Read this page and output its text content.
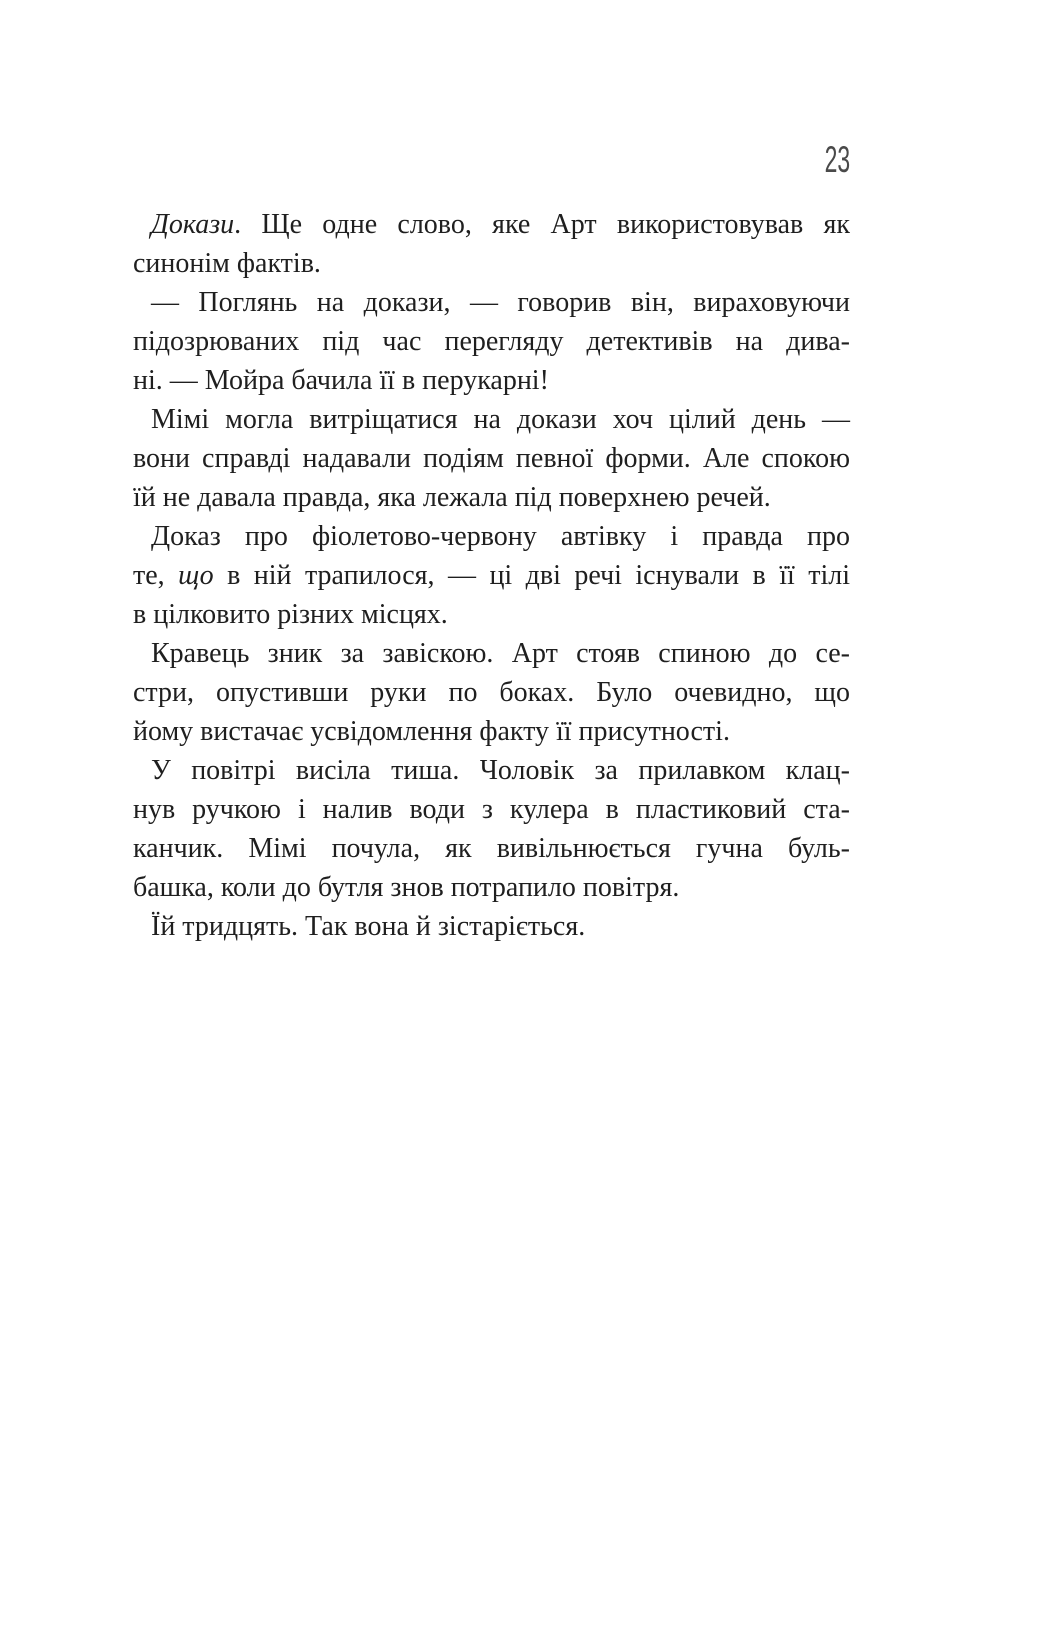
23
Докази. Ще одне слово, яке Арт використовував як
синонім фактів.
— Поглянь на докази, — говорив він, вираховуючи
підозрюваних під час перегляду детективів на дива-
ні. — Мойра бачила її в перукарні!
Мімі могла витріщатися на докази хоч цілий день —
вони справді надавали подіям певної форми. Але спокою
їй не давала правда, яка лежала під поверхнею речей.
Доказ про фіолетово-червону автівку і правда про
те, що в ній трапилося, — ці дві речі існували в її тілі
в цілковито різних місцях.
Кравець зник за завіскою. Арт стояв спиною до се-
стри, опустивши руки по боках. Було очевидно, що
йому вистачає усвідомлення факту її присутності.
У повітрі висіла тиша. Чоловік за прилавком клац-
нув ручкою і налив води з кулера в пластиковий ста-
канчик. Мімі почула, як вивільнюється гучна буль-
башка, коли до бутля знов потрапило повітря.
Їй тридцять. Так вона й зістаріється.
